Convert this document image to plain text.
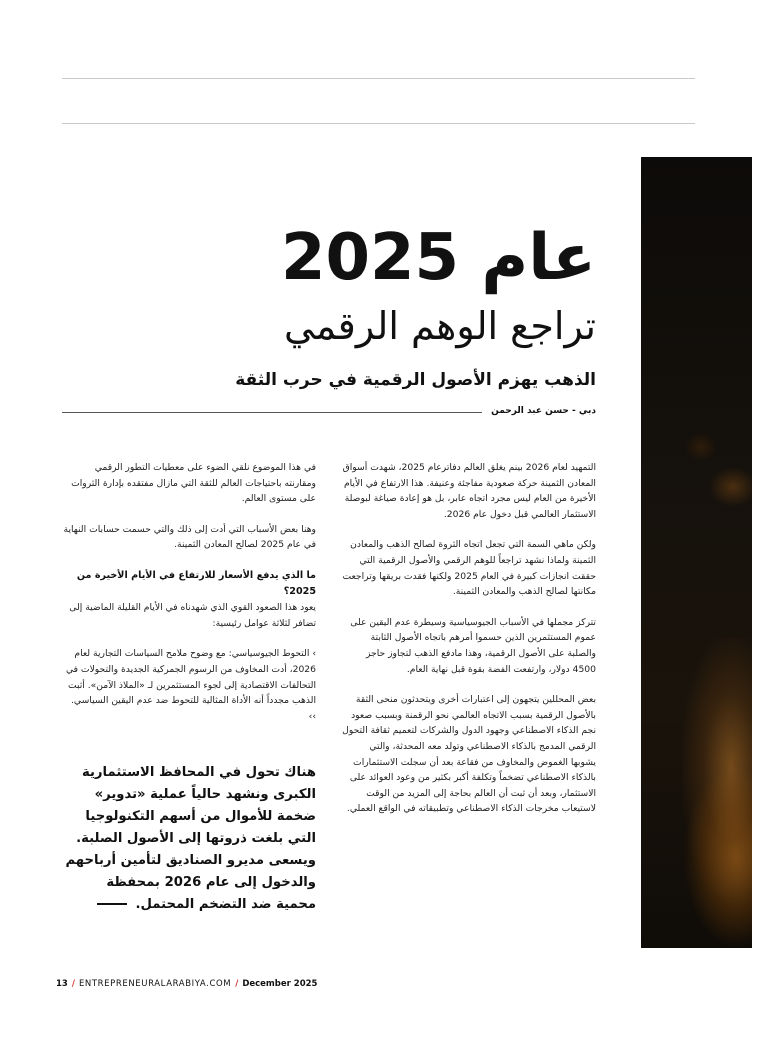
عام 2025
تراجع الوهم الرقمي
الذهب يهزم الأصول الرقمية في حرب الثقة
دبي - حسن عبد الرحمن

التمهيد لعام 2026 بينم يغلق العالم دفاترعام 2025، شهدت أسواق المعادن الثمينة حركة صعودية مفاجئة وعنيفة. هذا الارتفاع في الأيام الأخيرة من العام ليس مجرد اتجاه عابر، بل هو إعادة صياغة لبوصلة الاستثمار العالمي قبل دخول عام 2026.

ولكن ماهي السمة التي تجعل اتجاه الثروة لصالح الذهب والمعادن الثمينة ولماذا نشهد تراجعاً للوهم الرقمي والأصول الرقمية التي حققت انجازات كبيرة في العام 2025 ولكنها فقدت بريقها وتراجعت مكانتها لصالح الذهب والمعادن الثمينة.

تتركز مجملها في الأسباب الجيوسياسية وسيطرة عدم اليقين على عموم المستثمرين الذين حسموا أمرهم باتجاه الأصول الثابتة والصلبة على الأصول الرقمية، وهذا مادفع الذهب لتجاوز حاجز 4500 دولار، وارتفعت الفضة بقوة قبل نهاية العام.

بعض المحللين يتجهون إلى اعتبارات أخرى ويتحدثون منحى الثقة بالأصول الرقمية بسبب الاتجاه العالمي نحو الرقمنة وبسبب صعود نجم الذكاء الاصطناعي وجهود الدول والشركات لتعميم ثقافة التحول الرقمي المدمج بالذكاء الاصطناعي وتولد معه المحدثة، والتي يشوبها الغموض والمخاوف من فقاعة بعد أن سجلت الاستثمارات بالذكاء الاصطناعي تضخماً وتكلفة أكبر بكثير من وعود العوائد على الاستثمار، وبعد أن ثبت أن العالم بحاجة إلى المزيد من الوقت لاستيعاب مخرجات الذكاء الاصطناعي وتطبيقاته في الواقع العملي.

في هذا الموضوع نلقي الضوء على معطيات التطور الرقمي ومقارنته باحتياجات العالم للثقة التي مازال مفتقده بإدارة الثروات على مستوى العالم.

وهنا بعض الأسباب التي أدت إلى ذلك والتي حسمت حسابات النهاية في عام 2025 لصالح المعادن الثمينة.

ما الذي يدفع الأسعار للارتفاع في الأيام الأخيرة من 2025؟

يعود هذا الصعود القوي الذي شهدناه في الأيام القليلة الماضية إلى تضافر لثلاثة عوامل رئيسية:

› التحوط الجيوسياسي: مع وضوح ملامح السياسات التجارية لعام 2026، أدت المخاوف من الرسوم الجمركية الجديدة والتحولات في التحالفات الاقتصادية إلى لجوء المستثمرين لـ «الملاذ الآمن». أثبت الذهب مجدداً أنه الأداة المثالية للتحوط ضد عدم اليقين السياسي. ››

هناك تحول في المحافظ الاستثمارية الكبرى ونشهد حالياً عملية «تدوير» ضخمة للأموال من أسهم التكنولوجيا التي بلغت ذروتها إلى الأصول الصلبة. ويسعى مديرو الصناديق لتأمين أرباحهم والدخول إلى عام 2026 بمحفظة محمية ضد التضخم المحتمل.
13 / ENTREPRENEURALARABIYA.COM / December 2025
